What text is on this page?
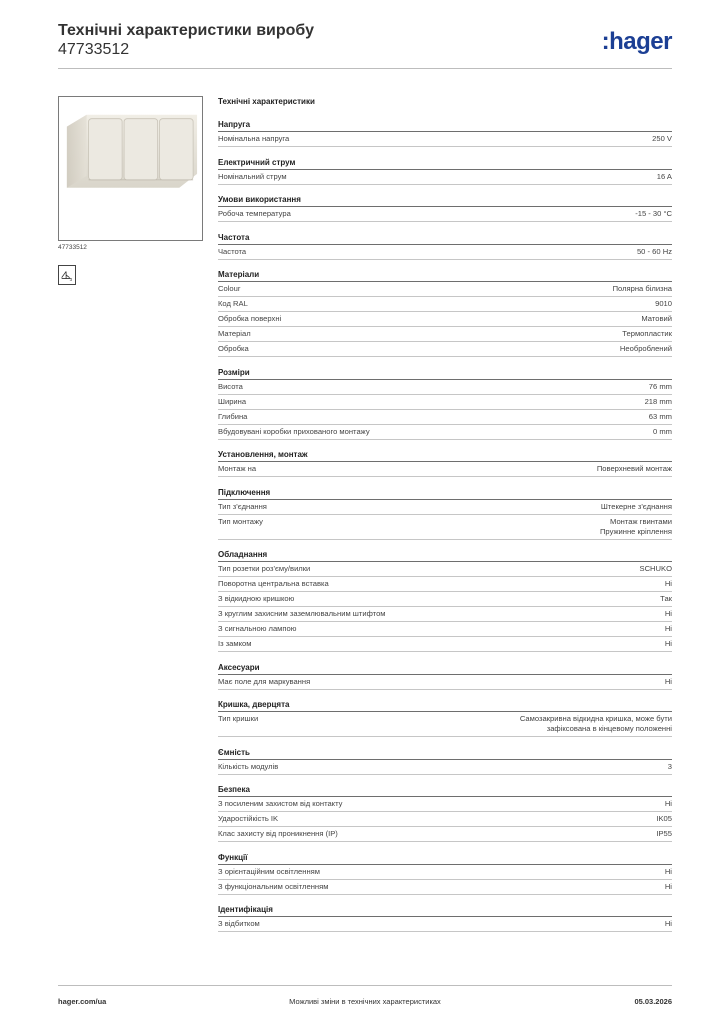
Технічні характеристики виробу
47733512	:hager
47733512
3
Технічні характеристики
Напруга
Номінальна напруга	250 V
Електричний струм
Номінальний струм	16 A
Умови використання
Робоча температура	-15 - 30 °C
Частота
Частота	50 - 60 Hz
Матеріали
Colour	Полярна білизна
Код RAL	9010
Обробка поверхні	Матовий
Матеріал	Термопластик
Обробка	Необроблений
Розміри
Висота	76 mm
Ширина	218 mm
Глибина	63 mm
Вбудовувані коробки прихованого монтажу	0 mm
Установлення, монтаж
Монтаж на	Поверхневий монтаж
Підключення
Тип з'єднання	Штекерне з'єднання
Тип монтажу	Монтаж гвинтами
Пружинне кріплення
Обладнання
Тип розетки роз'єму/вилки	SCHUKO
Поворотна центральна вставка	Ні
З відкидною кришкою	Так
З круглим захисним заземлювальним штифтом	Ні
З сигнальною лампою	Ні
Із замком	Ні
Аксесуари
Має поле для маркування	Ні
Кришка, дверцята
Тип кришки	Самозакривна відкидна кришка, може бути
зафіксована в кінцевому положенні
Ємність
Кількість модулів	3
Безпека
З посиленим захистом від контакту	Ні
Ударостійкість IK	IK05
Клас захисту від проникнення (IP)	IP55
Функції
З орієнтаційним освітленням	Ні
З функціональним освітленням	Ні
Ідентифікація
З відбитком	Ні
hager.com/ua	Можливі зміни в технічних характеристиках	05.03.2026
